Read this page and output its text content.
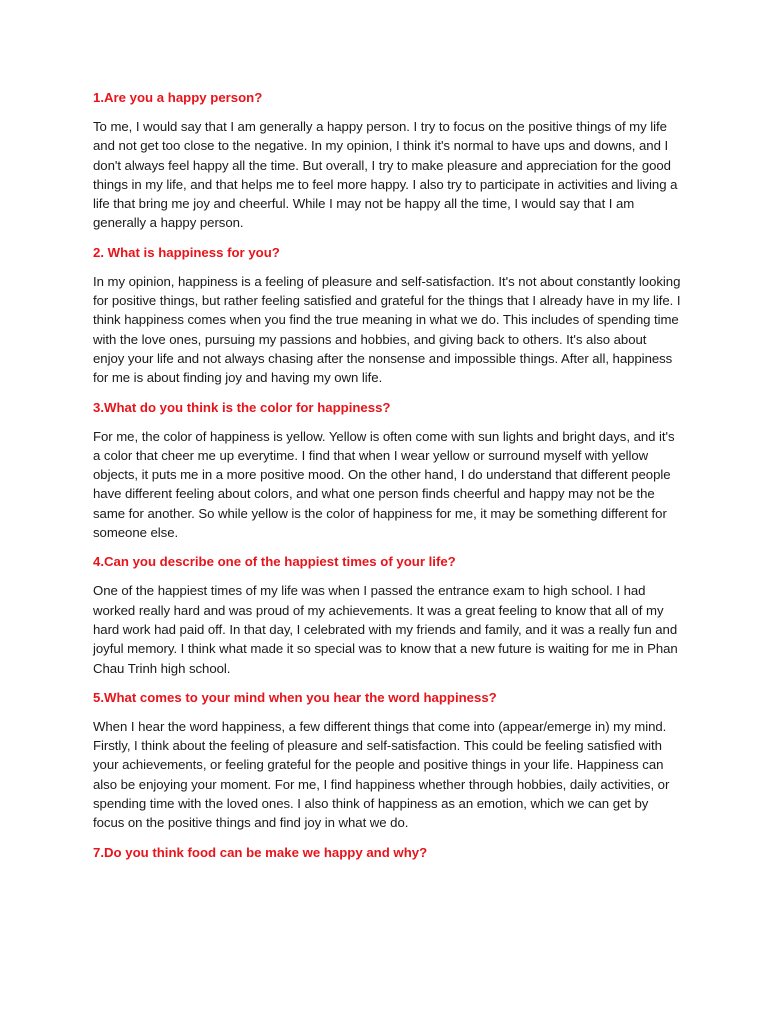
1.Are you a happy person?

To me, I would say that I am generally a happy person. I try to focus on the positive things of my life and not get too close to the negative. In my opinion, I think it's normal to have ups and downs, and I don't always feel happy all the time. But overall, I try to make pleasure and appreciation for the good things in my life, and that helps me to feel more happy. I also try to participate in activities and living a life that bring me joy and cheerful. While I may not be happy all the time, I would say that I am generally a happy person.

2. What is happiness for you?

In my opinion, happiness is a feeling of pleasure and self-satisfaction. It's not about constantly looking for positive things, but rather feeling satisfied and grateful for the things that I already have in my life. I think happiness comes when you find the true meaning in what we do. This includes of spending time with the love ones, pursuing my passions and hobbies, and giving back to others. It's also about enjoy your life and not always chasing after the nonsense and impossible things. After all, happiness for me is about finding joy and having my own life.

3.What do you think is the color for happiness?

For me, the color of happiness is yellow. Yellow is often come with sun lights and bright days, and it's a color that cheer me up everytime. I find that when I wear yellow or surround myself with yellow objects, it puts me in a more positive mood. On the other hand, I do understand that different people have different feeling about colors, and what one person finds cheerful and happy may not be the same for another. So while yellow is the color of happiness for me, it may be something different for someone else.

4.Can you describe one of the happiest times of your life?

One of the happiest times of my life was when I passed the entrance exam to high school. I had worked really hard and was proud of my achievements. It was a great feeling to know that all of my hard work had paid off. In that day, I celebrated with my friends and family, and it was a really fun and joyful memory. I think what made it so special was to know that a new future is waiting for me in Phan Chau Trinh high school.

5.What comes to your mind when you hear the word happiness?

When I hear the word happiness, a few different things that come into (appear/emerge in) my mind. Firstly, I think about the feeling of pleasure and self-satisfaction. This could be feeling satisfied with your achievements, or feeling grateful for the people and positive things in your life. Happiness can also be enjoying your moment. For me, I find happiness whether through hobbies, daily activities, or spending time with the loved ones. I also think of happiness as an emotion, which we can get by focus on the positive things and find joy in what we do.

7.Do you think food can be make we happy and why?
